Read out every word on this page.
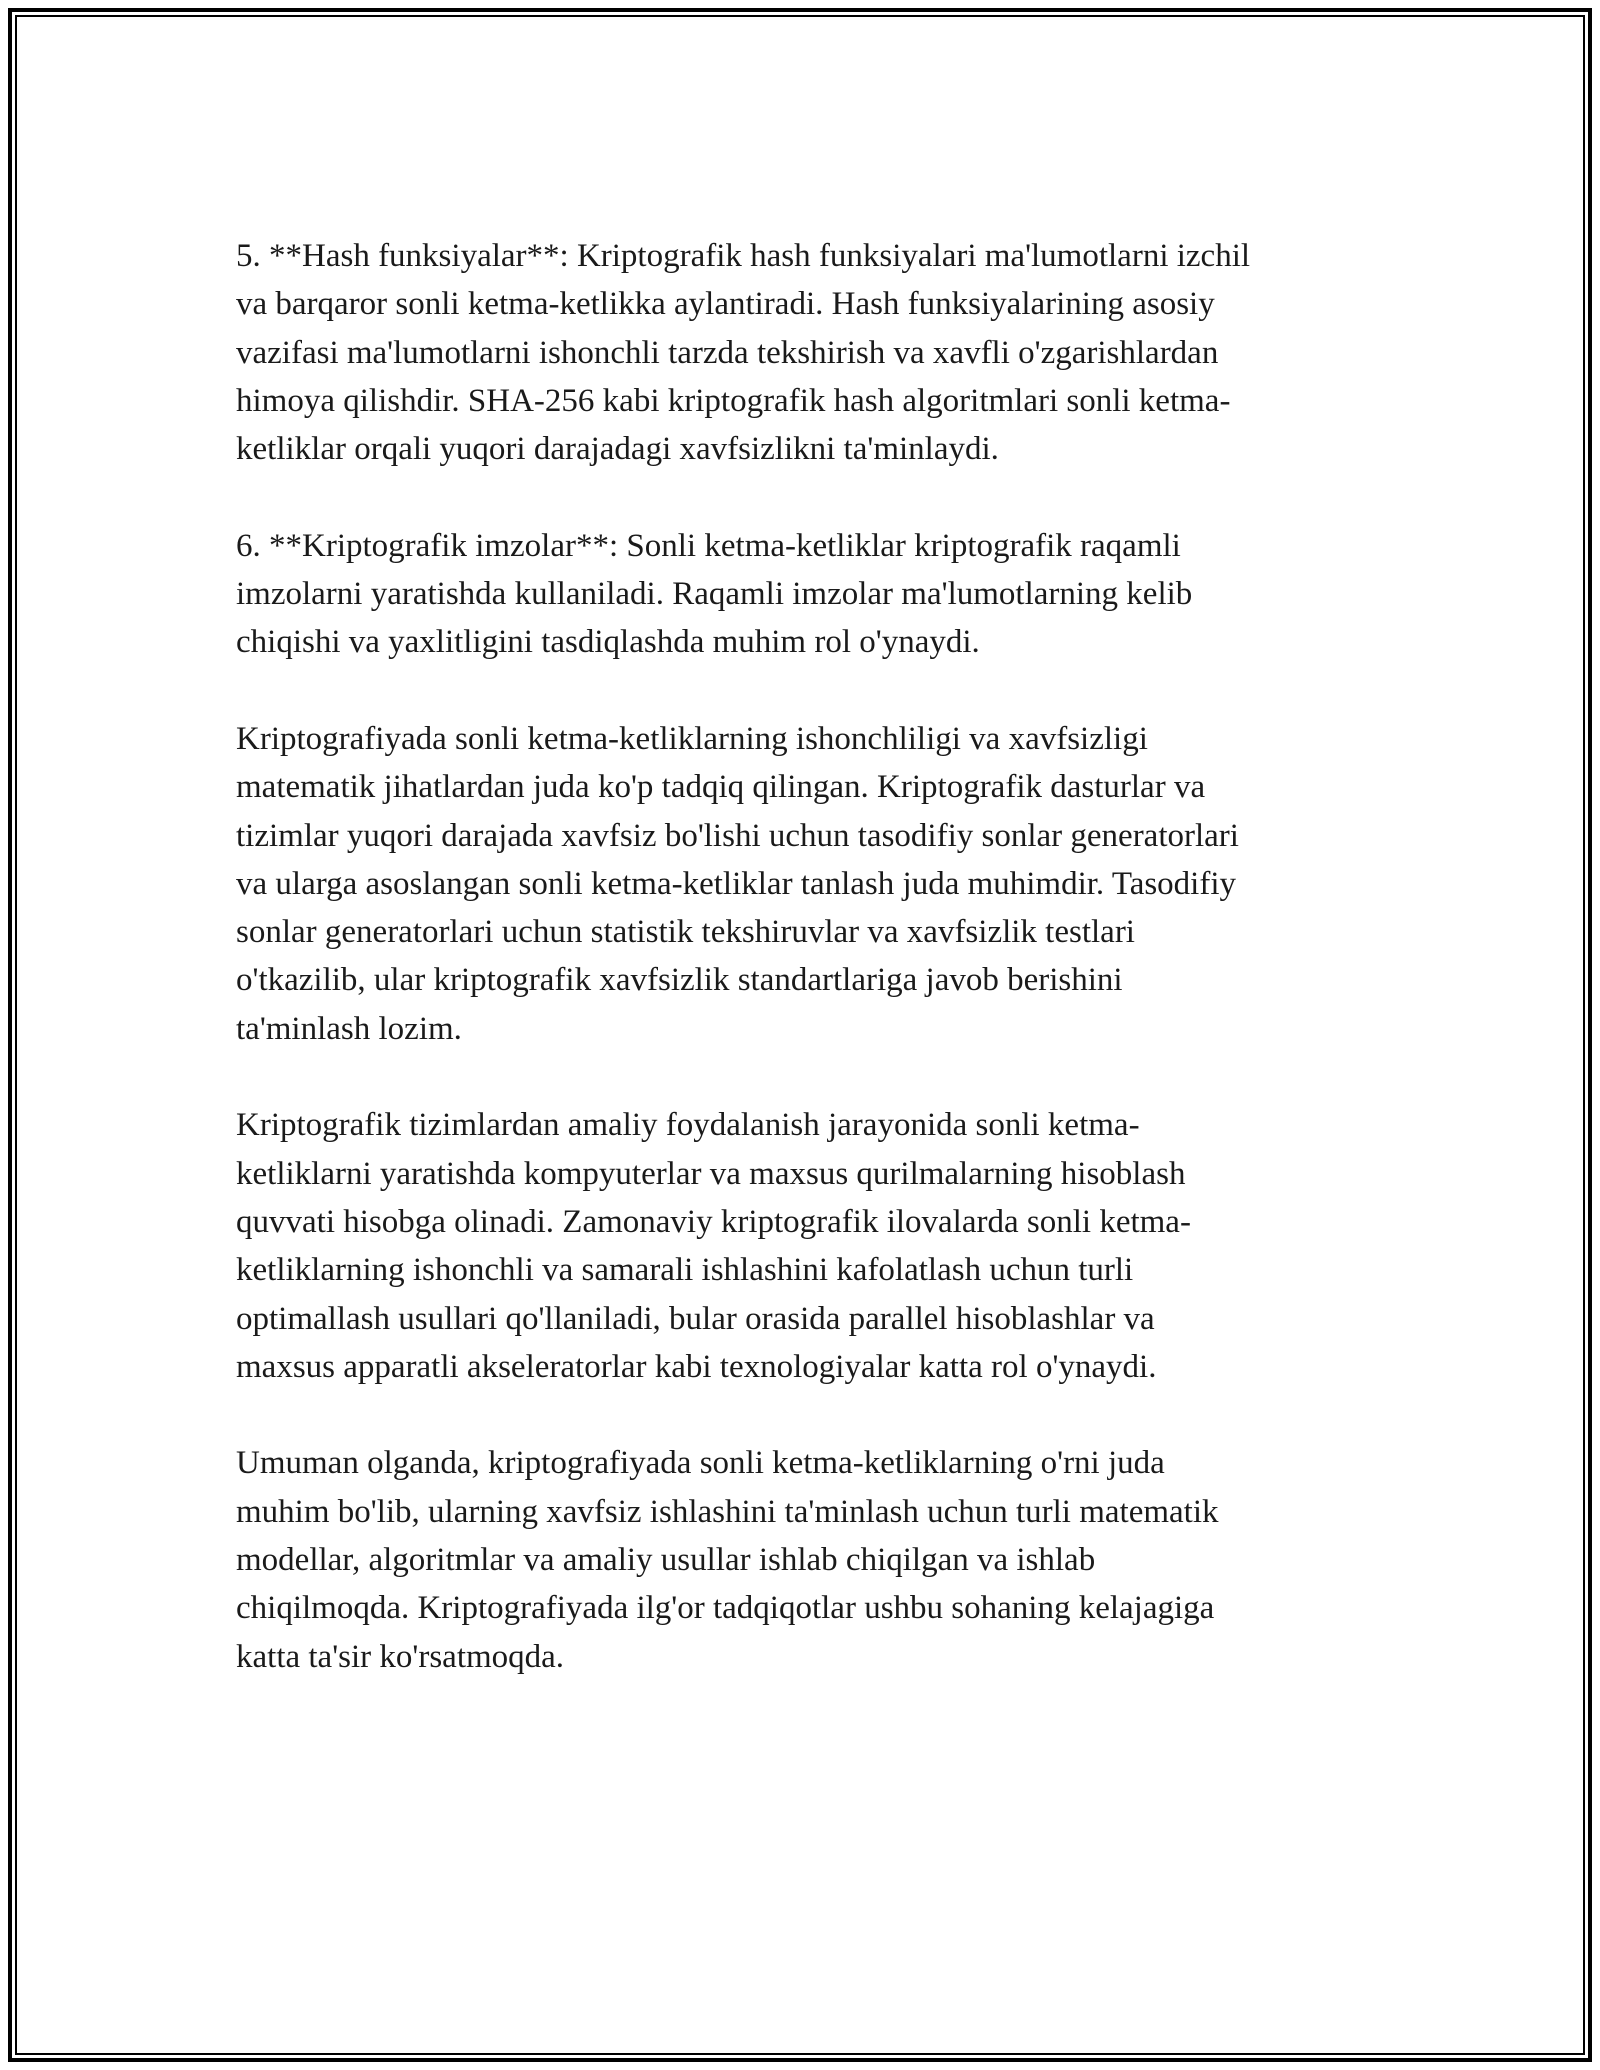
5. **Hash funksiyalar**: Kriptografik hash funksiyalari ma'lumotlarni izchil
va barqaror sonli ketma-ketlikka aylantiradi. Hash funksiyalarining asosiy
vazifasi ma'lumotlarni ishonchli tarzda tekshirish va xavfli o'zgarishlardan
himoya qilishdir. SHA-256 kabi kriptografik hash algoritmlari sonli ketma-
ketliklar orqali yuqori darajadagi xavfsizlikni ta'minlaydi.

6. **Kriptografik imzolar**: Sonli ketma-ketliklar kriptografik raqamli
imzolarni yaratishda kullaniladi. Raqamli imzolar ma'lumotlarning kelib
chiqishi va yaxlitligini tasdiqlashda muhim rol o'ynaydi.

Kriptografiyada sonli ketma-ketliklarning ishonchliligi va xavfsizligi
matematik jihatlardan juda ko'p tadqiq qilingan. Kriptografik dasturlar va
tizimlar yuqori darajada xavfsiz bo'lishi uchun tasodifiy sonlar generatorlari
va ularga asoslangan sonli ketma-ketliklar tanlash juda muhimdir. Tasodifiy
sonlar generatorlari uchun statistik tekshiruvlar va xavfsizlik testlari
o'tkazilib, ular kriptografik xavfsizlik standartlariga javob berishini
ta'minlash lozim.

Kriptografik tizimlardan amaliy foydalanish jarayonida sonli ketma-
ketliklarni yaratishda kompyuterlar va maxsus qurilmalarning hisoblash
quvvati hisobga olinadi. Zamonaviy kriptografik ilovalarda sonli ketma-
ketliklarning ishonchli va samarali ishlashini kafolatlash uchun turli
optimallash usullari qo'llaniladi, bular orasida parallel hisoblashlar va
maxsus apparatli akseleratorlar kabi texnologiyalar katta rol o'ynaydi.

Umuman olganda, kriptografiyada sonli ketma-ketliklarning o'rni juda
muhim bo'lib, ularning xavfsiz ishlashini ta'minlash uchun turli matematik
modellar, algoritmlar va amaliy usullar ishlab chiqilgan va ishlab
chiqilmoqda. Kriptografiyada ilg'or tadqiqotlar ushbu sohaning kelajagiga
katta ta'sir ko'rsatmoqda.
